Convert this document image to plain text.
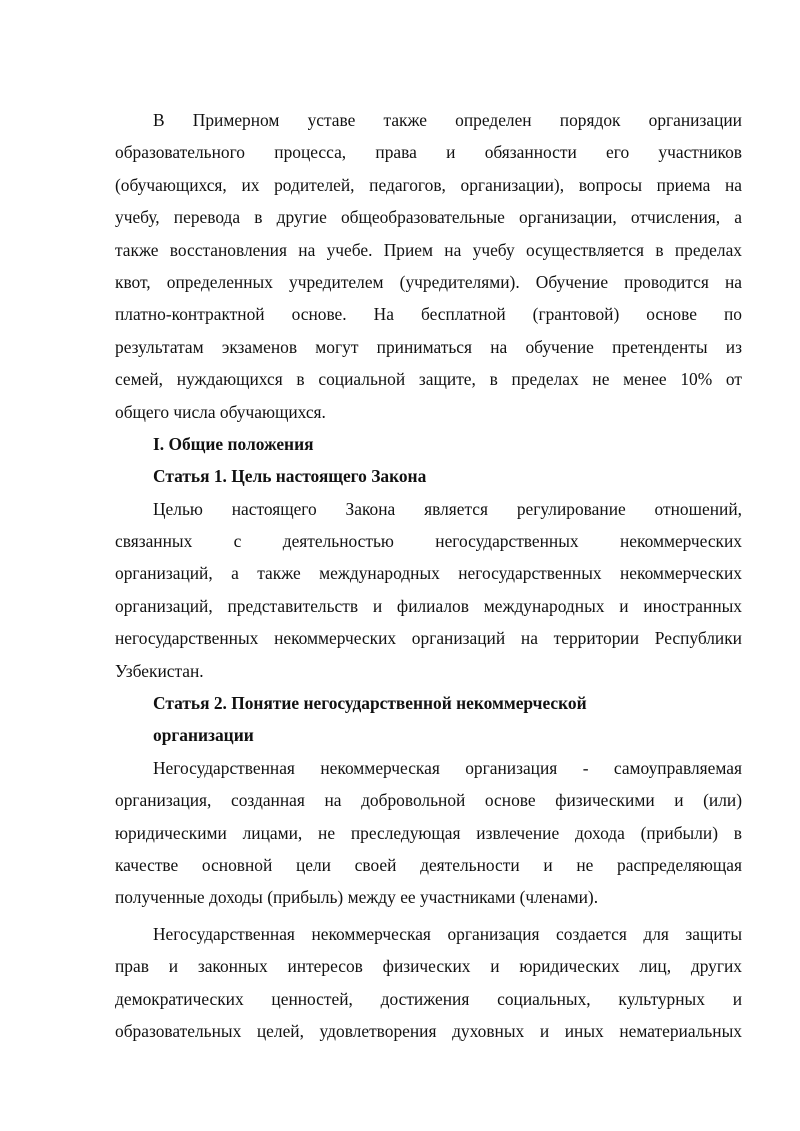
В Примерном уставе также определен порядок организации
образовательного процесса, права и обязанности его участников
(обучающихся, их родителей, педагогов, организации), вопросы приема на
учебу, перевода в другие общеобразовательные организации, отчисления, а
также восстановления на учебе. Прием на учебу осуществляется в пределах
квот, определенных учредителем (учредителями). Обучение проводится на
платно-контрактной основе. На бесплатной (грантовой) основе по
результатам экзаменов могут приниматься на обучение претенденты из
семей, нуждающихся в социальной защите, в пределах не менее 10% от
общего числа обучающихся.
I. Общие положения
Статья 1. Цель настоящего Закона
Целью настоящего Закона является регулирование отношений,
связанных с деятельностью негосударственных некоммерческих
организаций, а также международных негосударственных некоммерческих
организаций, представительств и филиалов международных и иностранных
негосударственных некоммерческих организаций на территории Республики
Узбекистан.
Статья 2. Понятие негосударственной некоммерческой
организации
Негосударственная некоммерческая организация - самоуправляемая
организация, созданная на добровольной основе физическими и (или)
юридическими лицами, не преследующая извлечение дохода (прибыли) в
качестве основной цели своей деятельности и не распределяющая
полученные доходы (прибыль) между ее участниками (членами).
Негосударственная некоммерческая организация создается для защиты
прав и законных интересов физических и юридических лиц, других
демократических ценностей, достижения социальных, культурных и
образовательных целей, удовлетворения духовных и иных нематериальных
